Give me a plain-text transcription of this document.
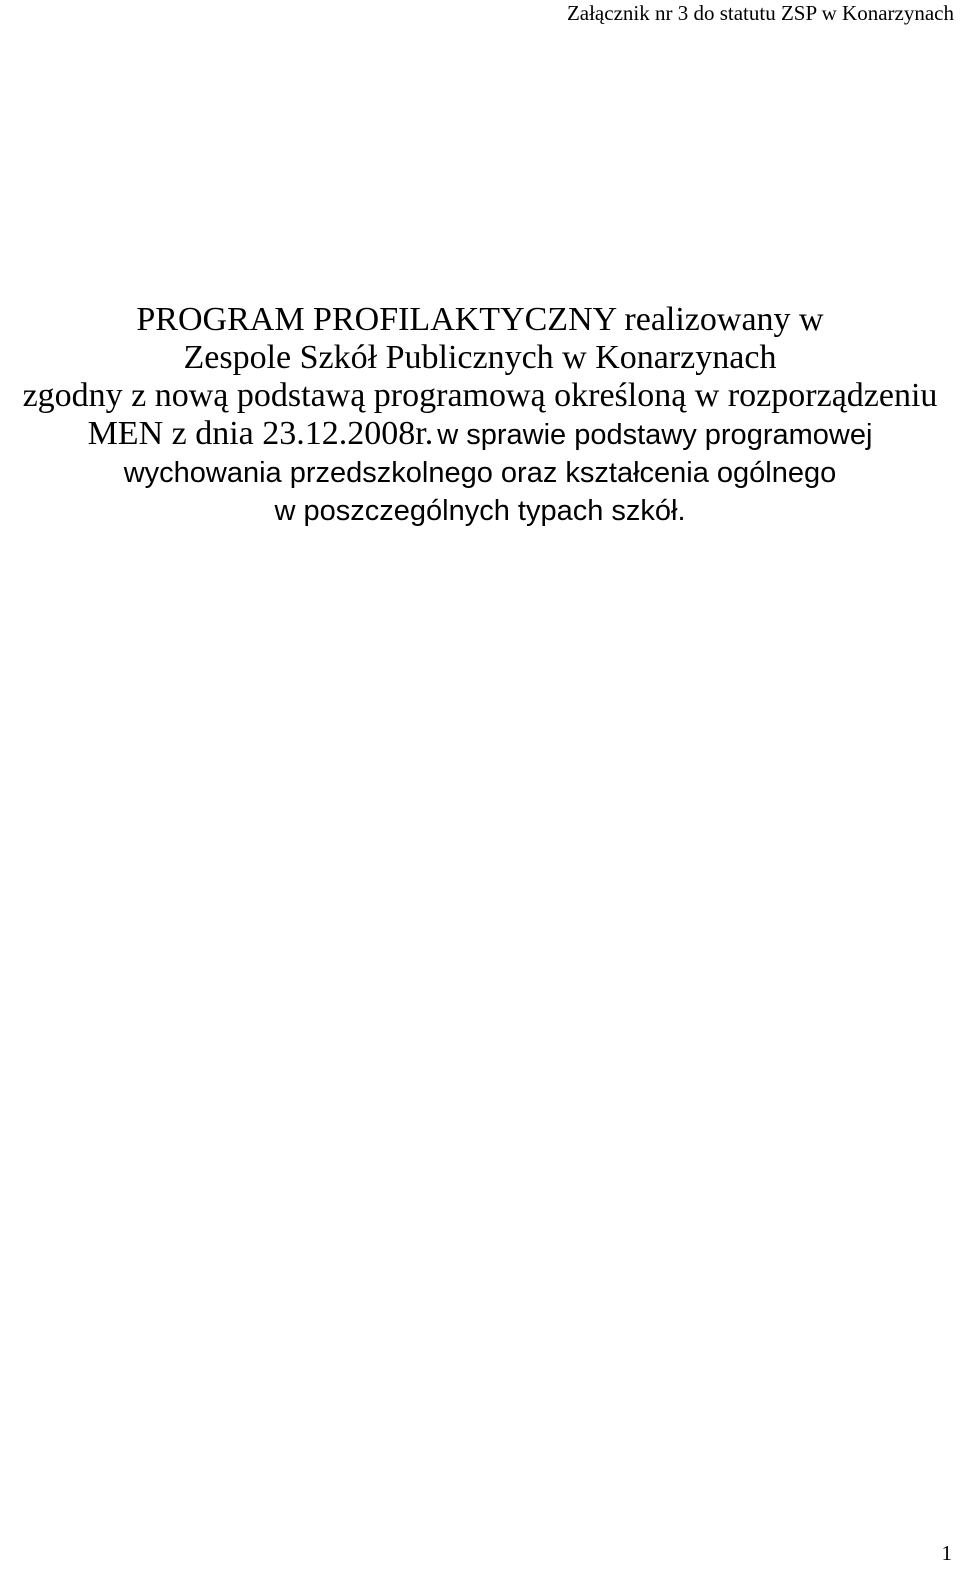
Załącznik nr 3 do statutu ZSP w Konarzynach
PROGRAM PROFILAKTYCZNY realizowany w
Zespole Szkół Publicznych w Konarzynach
zgodny z nową podstawą programową określoną w rozporządzeniu
MEN z dnia 23.12.2008r. w sprawie podstawy programowej
wychowania przedszkolnego oraz kształcenia ogólnego
w poszczególnych typach szkół.
1
